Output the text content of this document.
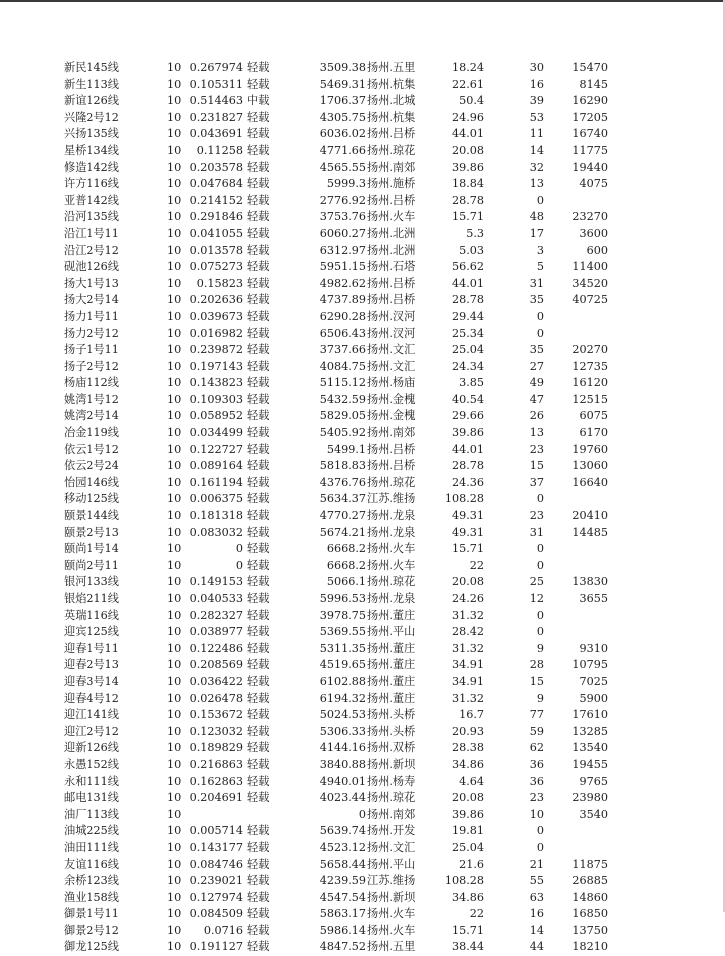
新民145线	10 0.267974 轻载	3509.38 扬州.五里	18.24	30	15470
新生113线	10 0.105311 轻载	5469.31 扬州.杭集	22.61	16	8145
新谊126线	10 0.514463 中载	1706.37 扬州.北城	50.4	39	16290
兴隆2号12	10 0.231827 轻载	4305.75 扬州.杭集	24.96	53	17205
兴扬135线	10 0.043691 轻载	6036.02 扬州.吕桥	44.01	11	16740
星桥134线	10	0.11258 轻载	4771.66 扬州.琼花	20.08	14	11775
修造142线	10 0.203578 轻载	4565.55 扬州.南郊	39.86	32	19440
许方116线	10 0.047684 轻载	5999.3 扬州.施桥	18.84	13	4075
亚普142线	10 0.214152 轻载	2776.92 扬州.吕桥	28.78	0
沿河135线	10 0.291846 轻载	3753.76 扬州.火车	15.71	48	23270
沿江1号11	10 0.041055 轻载	6060.27 扬州.北洲	5.3	17	3600
沿江2号12	10 0.013578 轻载	6312.97 扬州.北洲	5.03	3	600
砚池126线	10 0.075273 轻载	5951.15 扬州.石塔	56.62	5	11400
扬大1号13	10	0.15823 轻载	4982.62 扬州.吕桥	44.01	31	34520
扬大2号14	10 0.202636 轻载	4737.89 扬州.吕桥	28.78	35	40725
扬力1号11	10 0.039673 轻载	6290.28 扬州.汊河	29.44	0
扬力2号12	10 0.016982 轻载	6506.43 扬州.汊河	25.34	0
扬子1号11	10 0.239872 轻载	3737.66 扬州.文汇	25.04	35	20270
扬子2号12	10 0.197143 轻载	4084.75 扬州.文汇	24.34	27	12735
杨庙112线	10 0.143823 轻载	5115.12 扬州.杨庙	3.85	49	16120
姚湾1号12	10 0.109303 轻载	5432.59 扬州.金槐	40.54	47	12515
姚湾2号14	10 0.058952 轻载	5829.05 扬州.金槐	29.66	26	6075
冶金119线	10 0.034499 轻载	5405.92 扬州.南郊	39.86	13	6170
依云1号12	10 0.122727 轻载	5499.1 扬州.吕桥	44.01	23	19760
依云2号24	10 0.089164 轻载	5818.83 扬州.吕桥	28.78	15	13060
怡园146线	10 0.161194 轻载	4376.76 扬州.琼花	24.36	37	16640
移动125线	10 0.006375 轻载	5634.37 江苏.维扬	108.28	0
颐景144线	10 0.181318 轻载	4770.27 扬州.龙泉	49.31	23	20410
颐景2号13	10 0.083032 轻载	5674.21 扬州.龙泉	49.31	31	14485
颐尚1号14	10	0 轻载	6668.2 扬州.火车	15.71	0
颐尚2号11	10	0 轻载	6668.2 扬州.火车	22	0
银河133线	10 0.149153 轻载	5066.1 扬州.琼花	20.08	25	13830
银焰211线	10 0.040533 轻载	5996.53 扬州.龙泉	24.26	12	3655
英瑞116线	10 0.282327 轻载	3978.75 扬州.董庄	31.32	0
迎宾125线	10 0.038977 轻载	5369.55 扬州.平山	28.42	0
迎春1号11	10 0.122486 轻载	5311.35 扬州.董庄	31.32	9	9310
迎春2号13	10 0.208569 轻载	4519.65 扬州.董庄	34.91	28	10795
迎春3号14	10 0.036422 轻载	6102.88 扬州.董庄	34.91	15	7025
迎春4号12	10 0.026478 轻载	6194.32 扬州.董庄	31.32	9	5900
迎江141线	10 0.153672 轻载	5024.53 扬州.头桥	16.7	77	17610
迎江2号12	10 0.123032 轻载	5306.33 扬州.头桥	20.93	59	13285
迎新126线	10 0.189829 轻载	4144.16 扬州.双桥	28.38	62	13540
永愚152线	10 0.216863 轻载	3840.88 扬州.新坝	34.86	36	19455
永和111线	10 0.162863 轻载	4940.01 扬州.杨寿	4.64	36	9765
邮电131线	10 0.204691 轻载	4023.44 扬州.琼花	20.08	23	23980
油厂113线	10	0 扬州.南郊	39.86	10	3540
油城225线	10 0.005714 轻载	5639.74 扬州.开发	19.81	0
油田111线	10 0.143177 轻载	4523.12 扬州.文汇	25.04	0
友谊116线	10 0.084746 轻载	5658.44 扬州.平山	21.6	21	11875
余桥123线	10 0.239021 轻载	4239.59 江苏.维扬	108.28	55	26885
渔业158线	10 0.127974 轻载	4547.54 扬州.新坝	34.86	63	14860
御景1号11	10 0.084509 轻载	5863.17 扬州.火车	22	16	16850
御景2号12	10	0.0716 轻载	5986.14 扬州.火车	15.71	14	13750
御龙125线	10 0.191127 轻载	4847.52 扬州.五里	38.44	44	18210
